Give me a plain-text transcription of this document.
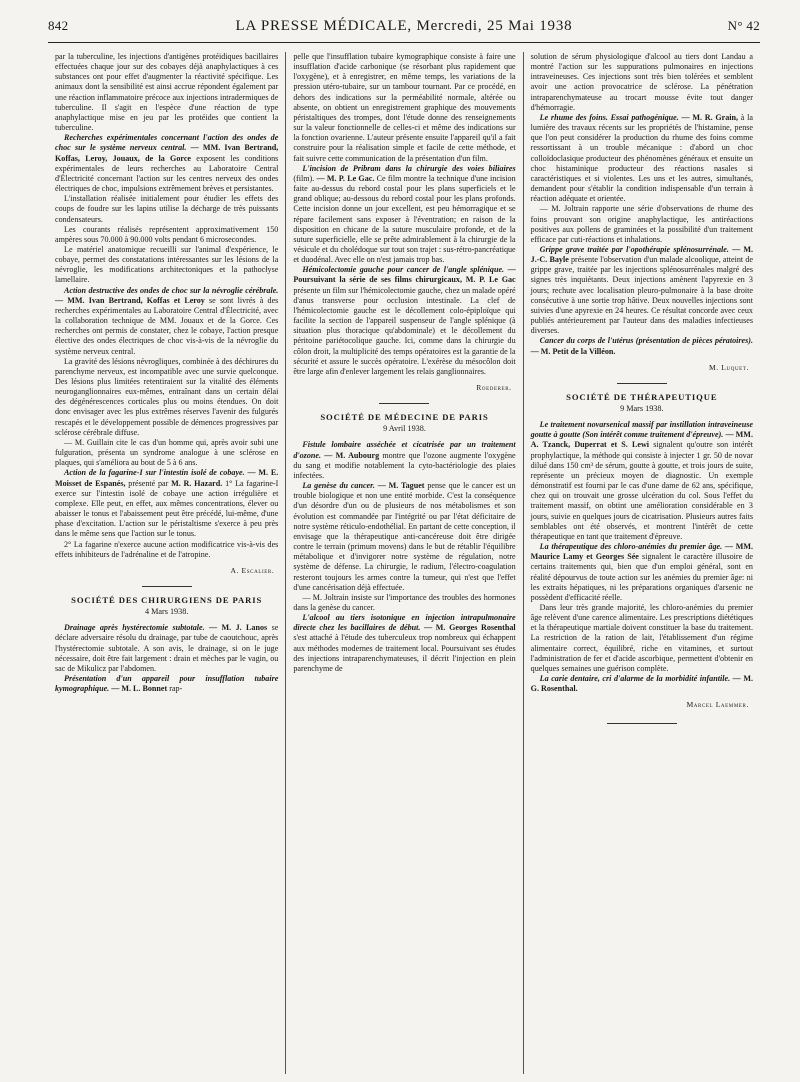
842	LA PRESSE MÉDICALE, Mercredi, 25 Mai 1938	N° 42

par la tuberculine, les injections d'antigènes protéidiques bacillaires effectuées chaque jour sur des cobayes déjà anaphylactiques à ces substances ont pour effet d'augmenter la réactivité spécifique. Les animaux dont la sensibilité est ainsi accrue répondent également par une réaction inflammatoire précoce aux injections intradermiques de tuberculine. Il s'agit en l'espèce d'une réaction de type anaphylactique mise en jeu par les protéides que contient la tuberculine.

Recherches expérimentales concernant l'action des ondes de choc sur le système nerveux central. — MM. Ivan Bertrand, Koffas, Leroy, Jouaux, de la Gorce exposent les conditions expérimentales de leurs recherches au Laboratoire Central d'Électricité concernant l'action sur les centres nerveux des ondes électriques de choc, impulsions extrêmement brèves et persistantes.

L'installation réalisée initialement pour étudier les effets des coups de foudre sur les lapins utilise la décharge de très puissants condensateurs.

Les courants réalisés représentent approximativement 150 ampères sous 70.000 à 90.000 volts pendant 6 microsecondes.

Le matériel anatomique recueilli sur l'animal d'expérience, le cobaye, permet des constatations intéressantes sur les lésions de la névroglie, les modifications architectoniques et la pathocłyse lamellaire.

Action destructive des ondes de choc sur la névroglie cérébrale. — MM. Ivan Bertrand, Koffas et Leroy se sont livrés à des recherches expérimentales au Laboratoire Central d'Électricité, avec la collaboration technique de MM. Jouaux et de la Gorce. Ces recherches ont permis de constater, chez le cobaye, l'action presque élective des ondes électriques de choc vis-à-vis de la névroglie du système nerveux central.

La gravité des lésions névrogliques, combinée à des déchirures du parenchyme nerveux, est incompatible avec une survie quelconque. Des lésions plus limitées retentiraient sur la vitalité des éléments neuroganglionnaires eux-mêmes, entraînant dans un certain délai des dégénérescences corticales plus ou moins étendues. On doit donc envisager avec les plus extrêmes réserves l'avenir des fulgurés rescapés et le développement possible de démences progressives par sclérose cérébrale diffuse.

— M. Guillain cite le cas d'un homme qui, après avoir subi une fulguration, présenta un syndrome analogue à une sclérose en plaques, qui s'améliora au bout de 5 à 6 ans.

Action de la fagarine-I sur l'intestin isolé de cobaye. — M. E. Moisset de Espanés, présenté par M. R. Hazard. 1° La fagarine-I exerce sur l'intestin isolé de cobaye une action irrégulière et complexe. Elle peut, en effet, aux mêmes concentrations, élever ou abaisser le tonus et l'abaissement peut être précédé, lui-même, d'une phase d'excitation. L'action sur le péristaltisme s'exerce à peu près dans le même sens que l'action sur le tonus.

2° La fagarine n'exerce aucune action modificatrice vis-à-vis des effets inhibiteurs de l'adrénaline et de l'atropine.

A. Escalier.
SOCIÉTÉ DES CHIRURGIENS DE PARIS
4 Mars 1938.

Drainage après hystérectomie subtotale. — M. J. Lanos se déclare adversaire résolu du drainage, par tube de caoutchouc, après l'hystérectomie subtotale. A son avis, le drainage, si on le juge nécessaire, doit être fait largement : drain et mèches par le vagin, ou sac de Mikulicz par l'abdomen.

Présentation d'un appareil pour insufflation tubaire kymographique. — M. L. Bonnet rap-

pelle que l'insufflation tubaire kymographique consiste à faire une insufflation d'acide carbonique (se résorbant plus rapidement que l'oxygène), et à enregistrer, en même temps, les variations de la pression utéro-tubaire, sur un tambour tournant. Par ce procédé, en dehors des indications sur la perméabilité normale, altérée ou absente, on obtient un enregistrement graphique des mouvements péristaltiques des trompes, dont l'étude donne des renseignements sur la valeur fonctionnelle de celles-ci et même des indications sur la fonction ovarienne. L'auteur présente ensuite l'appareil qu'il a fait construire pour la réalisation simple et facile de cette méthode, et fait suivre cette communication de la présentation d'un film.

L'incision de Pribram dans la chirurgie des voies biliaires (film). — M. P. Le Gac. Ce film montre la technique d'une incision faite au-dessus du rebord costal pour les plans superficiels et le grand oblique; au-dessous du rebord costal pour les plans profonds. Cette incision donne un jour excellent, est peu hémorragique et se répare facilement sans exposer à l'éventration; en raison de la disposition en chicane de la suture musculaire profonde, et de la suture superficielle, elle se prête admirablement à la chirurgie de la vésicule et du cholédoque sur tout son trajet : sus-rétro-pancréatique et duodénal. Avec elle on n'est jamais trop bas.

Hémicolectomie gauche pour cancer de l'angle splénique. — Poursuivant la série de ses films chirurgicaux, M. P. Le Gac présente un film sur l'hémicolectomie gauche, chez un malade opéré d'anus transverse pour occlusion intestinale. La clef de l'hémicolectomie gauche est le décollement colo-épiploïque qui facilite la section de l'appareil suspenseur de l'angle splénique (à situation plus thoracique qu'abdominale) et le décollement du péritoine pariétocolique gauche. Ici, comme dans la chirurgie du côlon droit, la multiplicité des temps opératoires est la garantie de la sécurité et assure le succès opératoire. L'exérèse du mésocôlon doit être large afin d'enlever largement les relais ganglionnaires.

Roederer.
SOCIÉTÉ DE MÉDECINE DE PARIS
9 Avril 1938.

Fistule lombaire asséchée et cicatrisée par un traitement d'ozone. — M. Aubourg montre que l'ozone augmente l'oxygène du sang et modifie notablement la cyto-bactériologie des plaies infectées.

La genèse du cancer. — M. Taguet pense que le cancer est un trouble biologique et non une entité morbide. C'est la conséquence d'un désordre d'un ou de plusieurs de nos métabolismes et son évolution est commandée par l'intégrité ou par l'état déficitaire de notre système réticulo-endothélial. En partant de cette conception, il envisage que la thérapeutique anti-cancéreuse doit être dirigée contre le terrain (primum movens) dans le but de rétablir l'équilibre métabolique et d'invigorer notre système de régulation, notre système de défense. La chirurgie, le radium, l'électro-coagulation resteront toujours les armes contre la tumeur, qui n'est que l'effet d'une cancérisation déjà effectuée.

— M. Joltrain insiste sur l'importance des troubles des hormones dans la genèse du cancer.

L'alcool au tiers isotonique en injection intrapulmonaire directe chez les bacillaires de début. — M. Georges Rosenthal s'est attaché à l'étude des tuberculeux trop nombreux qui échappent aux méthodes modernes de traitement local. Poursuivant ses études des injections intraparenchymateuses, il décrit l'injection en plein parenchyme de

solution de sérum physiologique d'alcool au tiers dont Landau a montré l'action sur les suppurations pulmonaires en injections intraveineuses. Ces injections sont très bien tolérées et semblent avoir une action provocatrice de sclérose. La pénétration intraparenchymateuse au trocart mousse évite tout danger d'hémorragie.

Le rhume des foins. Essai pathogénique. — M. R. Grain, à la lumière des travaux récents sur les propriétés de l'histamine, pense que l'on peut considérer la production du rhume des foins comme ressortissant à un trouble mécanique : d'abord un choc colloïdoclasique producteur des phénomènes généraux et ensuite un choc histaminique producteur des réactions nasales si caractéristiques et si violentes. Les uns et les autres, simultanés, demandent pour s'établir la condition indispensable d'un terrain à réaction adéquate et orientée.

— M. Joltrain rapporte une série d'observations de rhume des foins prouvant son origine anaphylactique, les antiréactions positives aux pollens de graminées et la possibilité d'un traitement efficace par cuti-réactions et inhalations.

Grippe grave traitée par l'opothérapie splénosurrénale. — M. J.-C. Bayle présente l'observation d'un malade alcoolique, atteint de grippe grave, traitée par les injections splénosurrénales malgré des signes très inquiétants. Deux injections amènent l'apyrexie en 3 jours; rechute avec localisation pleuro-pulmonaire à la base droite consécutive à une sortie trop hâtive. Deux nouvelles injections sont suivies d'une apyrexie en 24 heures. Ce résultat concorde avec ceux publiés antérieurement par l'auteur dans des maladies infectieuses diverses.

Cancer du corps de l'utérus (présentation de pièces pératoires). — M. Petit de la Villéon.

M. Luquet.
SOCIÉTÉ DE THÉRAPEUTIQUE
9 Mars 1938.

Le traitement novarsenical massif par instillation intraveineuse goutte à goutte (Son intérêt comme traitement d'épreuve). — MM. A. Tzanck, Duperrat et S. Lewi signalent qu'outre son intérêt prophylactique, la méthode qui consiste à injecter 1 gr. 50 de novar dilué dans 150 cm³ de sérum, goutte à goutte, et trois jours de suite, représente un précieux moyen de diagnostic. Un exemple démonstratif est fourni par le cas d'une dame de 62 ans, spécifique, chez qui on trouvait une grosse ulcération du col. Sous l'effet du traitement massif, on obtint une amélioration considérable en 3 jours, suivie en quelques jours de cicatrisation. Plusieurs autres faits semblables ont été observés, et montrent l'intérêt de cette thérapeutique en tant que traitement d'épreuve.

La thérapeutique des chloro-anémies du premier âge. — MM. Maurice Lamy et Georges Sée signalent le caractère illusoire de certains traitements qui, bien que d'un emploi général, sont en réalité dépourvus de toute action sur les anémies du premier âge: ni les extraits hépatiques, ni les préparations organiques d'arsenic ne possèdent d'efficacité réelle.

Dans leur très grande majorité, les chloro-anémies du premier âge relèvent d'une carence alimentaire. Les prescriptions diététiques et la thérapeutique martiale doivent constituer la base du traitement. La restriction de la ration de lait, l'établissement d'un régime alimentaire correct, équilibré, riche en vitamines, et surtout l'administration de fer et d'acide ascorbique, permettent d'obtenir en quelques semaines une guérison complète.

La carie dentaire, cri d'alarme de la morbidité infantile. — M. G. Rosenthal.

Marcel Laemmer.
